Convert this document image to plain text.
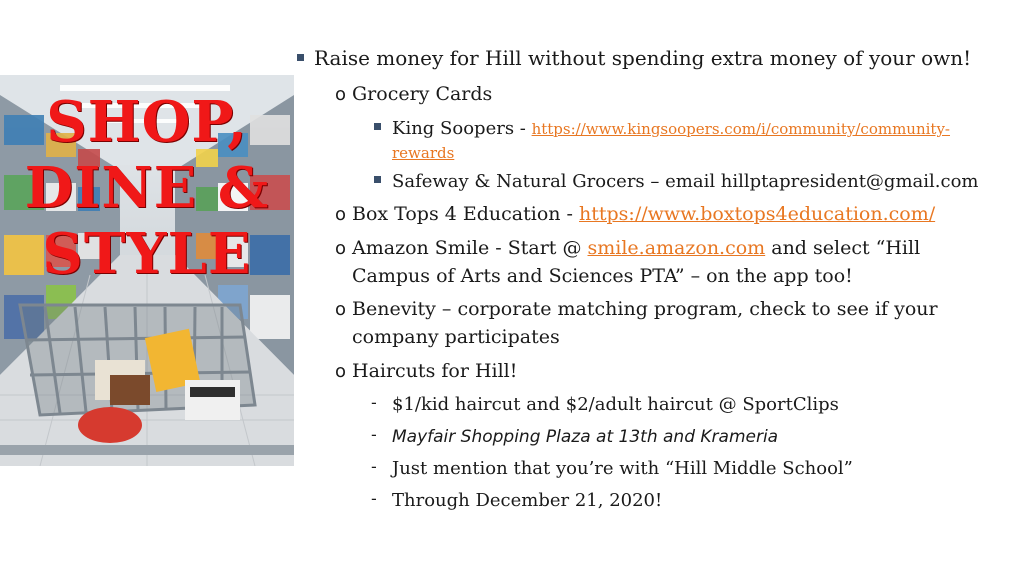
SHOP,
DINE &
STYLE
Raise money for Hill without spending extra money of your own!
o Grocery Cards
King Soopers - https://www.kingsoopers.com/i/community/community-
rewards
Safeway & Natural Grocers – email hillptapresident@gmail.com
o Box Tops 4 Education - https://www.boxtops4education.com/
o Amazon Smile - Start @ smile.amazon.com and select “Hill
Campus of Arts and Sciences PTA” – on the app too!
o Benevity – corporate matching program, check to see if your
company participates
o Haircuts for Hill!
- $1/kid haircut and $2/adult haircut @ SportClips
- Mayfair Shopping Plaza at 13th and Krameria
- Just mention that you’re with “Hill Middle School”
- Through December 21, 2020!
